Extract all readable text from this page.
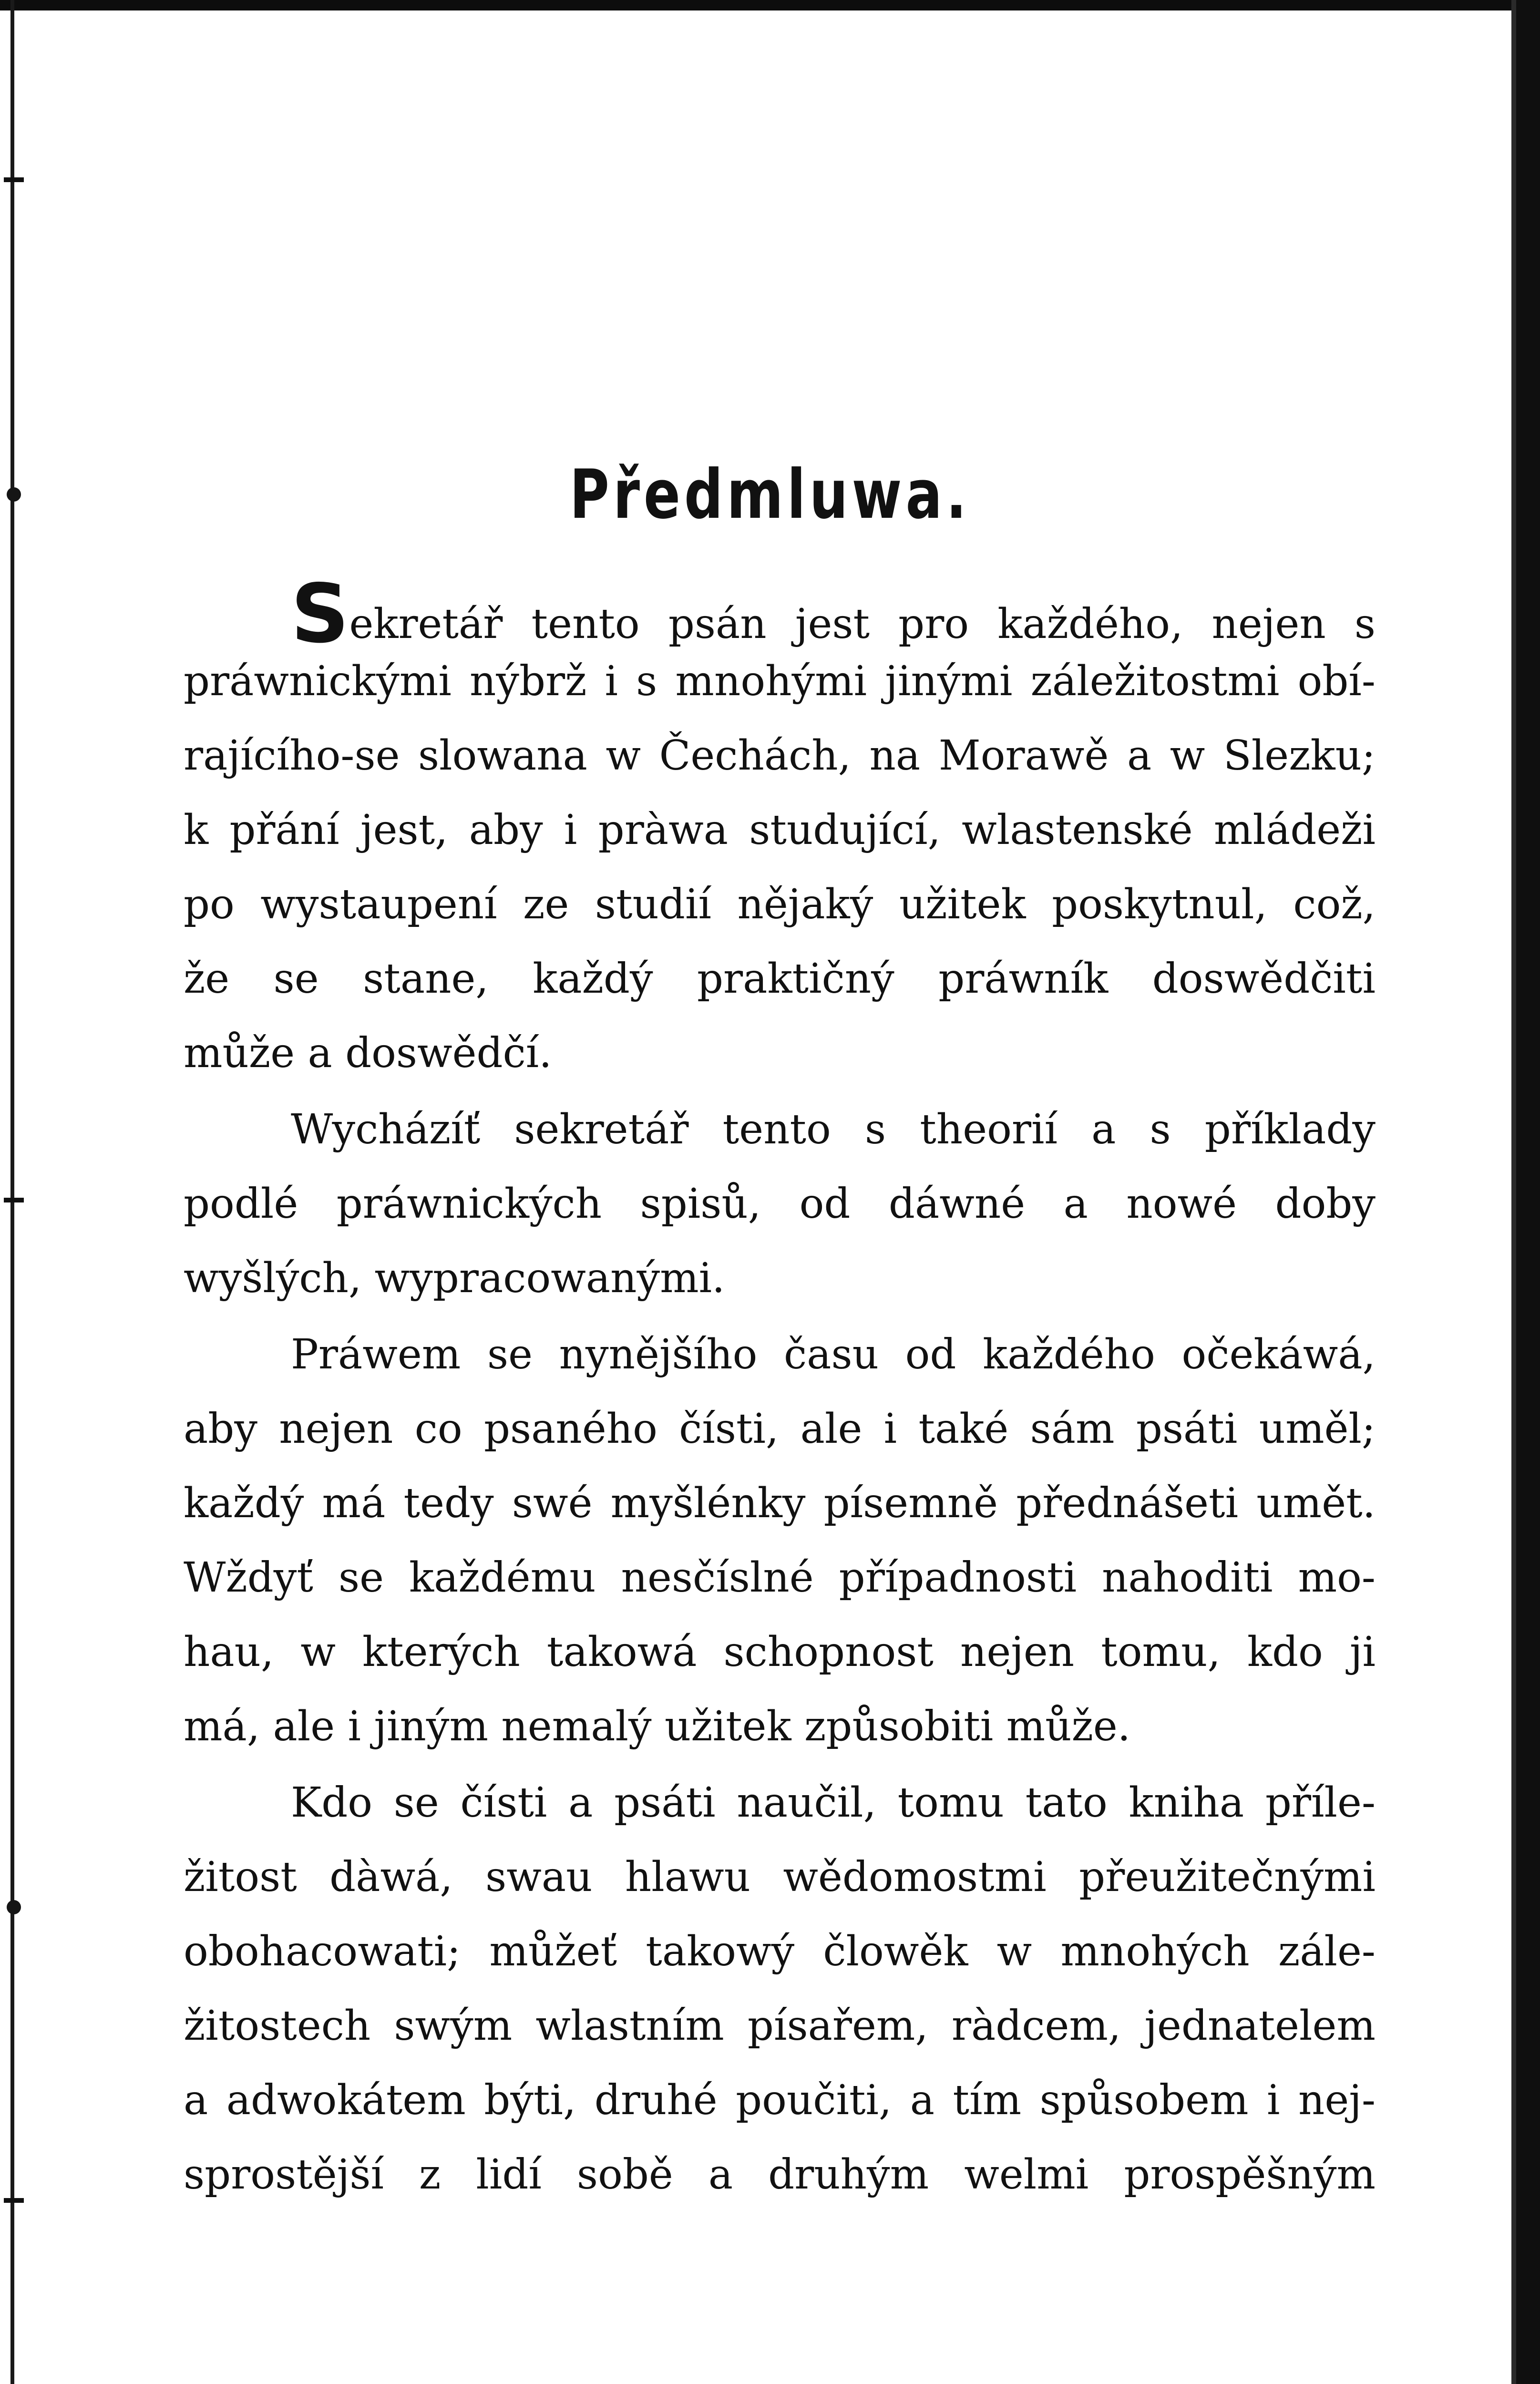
Předmluwa.
Sekretář tento psán jest pro každého, nejen s
práwnickými nýbrž i s mnohými jinými záležitostmi obí-
rajícího-se slowana w Čechách, na Morawě a w Slezku;
k přání jest, aby i pràwa studující, wlastenské mládeži
po wystaupení ze studií nějaký užitek poskytnul, což,
že se stane, každý praktičný práwník doswědčiti
může a doswědčí.
Wycházíť sekretář tento s theorií a s příklady
podlé práwnických spisů, od dáwné a nowé doby
wyšlých, wypracowanými.
Práwem se nynějšího času od každého očekáwá,
aby nejen co psaného čísti, ale i také sám psáti uměl;
každý má tedy swé myšlénky písemně přednášeti umět.
Wždyť se každému nesčíslné případnosti nahoditi mo-
hau, w kterých takowá schopnost nejen tomu, kdo ji
má, ale i jiným nemalý užitek způsobiti může.
Kdo se čísti a psáti naučil, tomu tato kniha příle-
žitost dàwá, swau hlawu wědomostmi přeužitečnými
obohacowati; můžeť takowý člowěk w mnohých zále-
žitostech swým wlastním písařem, ràdcem, jednatelem
a adwokátem býti, druhé poučiti, a tím spůsobem i nej-
sprostější z lidí sobě a druhým welmi prospěšným
